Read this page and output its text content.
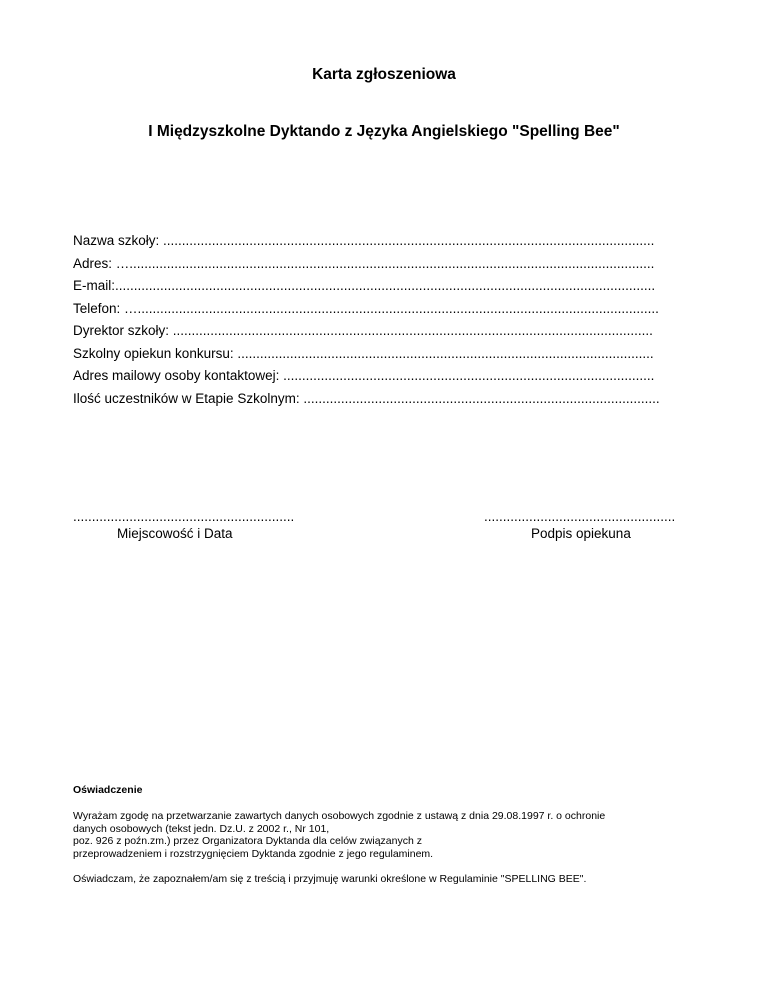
Karta zgłoszeniowa
I Międzyszkolne Dyktando z Języka Angielskiego "Spelling Bee"
Nazwa szkoły: ...................................................................................................................................
Adres: …............................................................................................................................................
E-mail:................................................................................................................................................
Telefon: …...........................................................................................................................................
Dyrektor szkoły: ................................................................................................................................
Szkolny opiekun konkursu: ...............................................................................................................
Adres mailowy osoby kontaktowej: ...................................................................................................
Ilość uczestników w Etapie Szkolnym: ...............................................................................................
...........................................................
Miejscowość i Data
...................................................
Podpis opiekuna
Oświadczenie
Wyrażam zgodę na przetwarzanie zawartych danych osobowych zgodnie z ustawą z dnia 29.08.1997 r. o ochronie
danych osobowych (tekst jedn. Dz.U. z 2002 r., Nr 101,
poz. 926 z poźn.zm.) przez Organizatora Dyktanda dla celów związanych z
przeprowadzeniem i rozstrzygnięciem Dyktanda zgodnie z jego regulaminem.
Oświadczam, że zapoznałem/am się z treścią i przyjmuję warunki określone w Regulaminie "SPELLING BEE".
